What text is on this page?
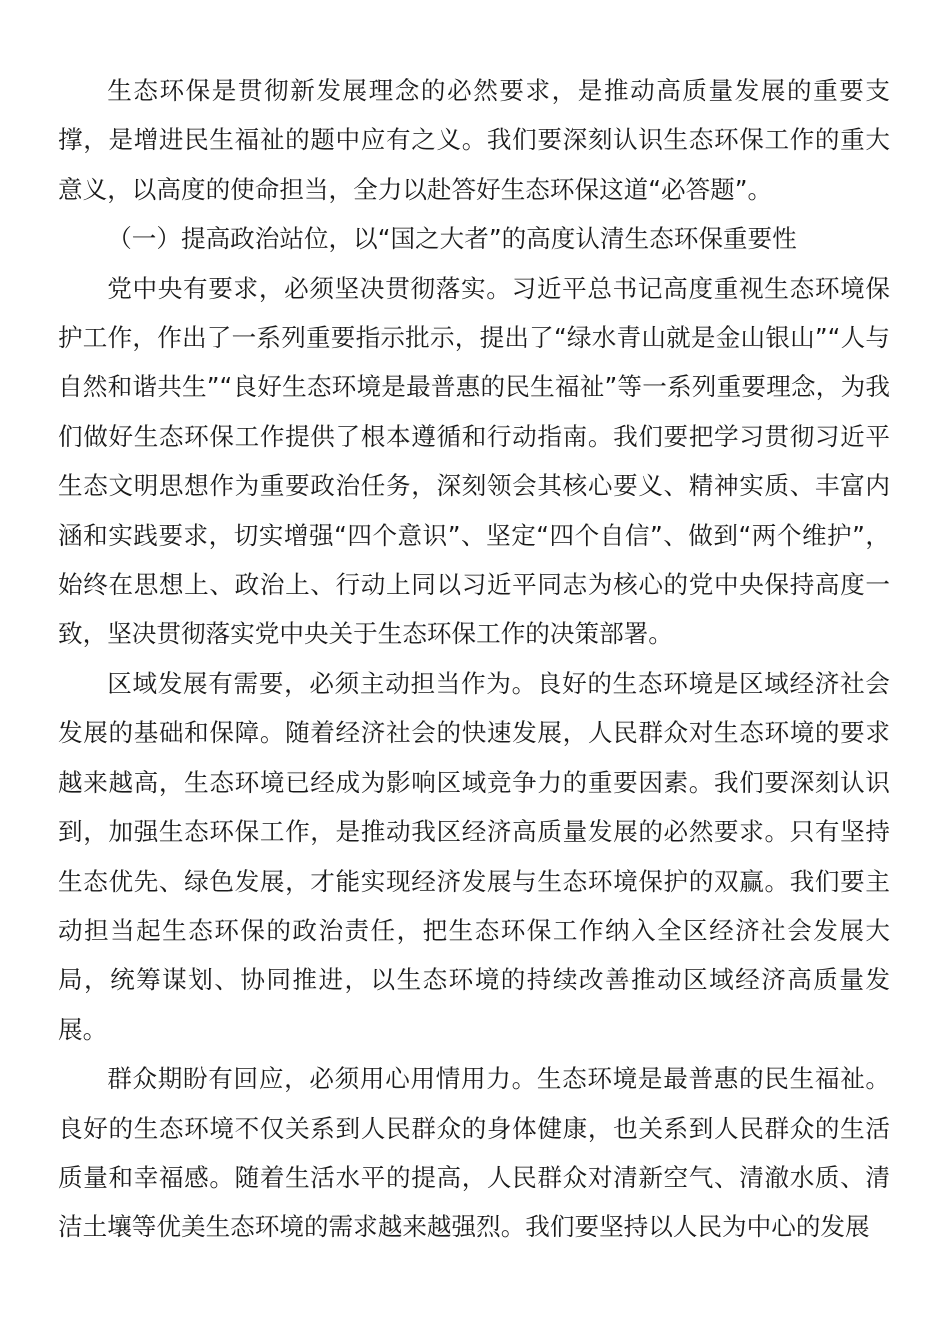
生态环保是贯彻新发展理念的必然要求，是推动高质量发展的重要支撑，是增进民生福祉的题中应有之义。我们要深刻认识生态环保工作的重大意义，以高度的使命担当，全力以赴答好生态环保这道“必答题”。

（一）提高政治站位，以“国之大者”的高度认清生态环保重要性

党中央有要求，必须坚决贯彻落实。习近平总书记高度重视生态环境保护工作，作出了一系列重要指示批示，提出了“绿水青山就是金山银山”“人与自然和谐共生”“良好生态环境是最普惠的民生福祉”等一系列重要理念，为我们做好生态环保工作提供了根本遵循和行动指南。我们要把学习贯彻习近平生态文明思想作为重要政治任务，深刻领会其核心要义、精神实质、丰富内涵和实践要求，切实增强“四个意识”、坚定“四个自信”、做到“两个维护”，始终在思想上、政治上、行动上同以习近平同志为核心的党中央保持高度一致，坚决贯彻落实党中央关于生态环保工作的决策部署。

区域发展有需要，必须主动担当作为。良好的生态环境是区域经济社会发展的基础和保障。随着经济社会的快速发展，人民群众对生态环境的要求越来越高，生态环境已经成为影响区域竞争力的重要因素。我们要深刻认识到，加强生态环保工作，是推动我区经济高质量发展的必然要求。只有坚持生态优先、绿色发展，才能实现经济发展与生态环境保护的双赢。我们要主动担当起生态环保的政治责任，把生态环保工作纳入全区经济社会发展大局，统筹谋划、协同推进，以生态环境的持续改善推动区域经济高质量发展。

群众期盼有回应，必须用心用情用力。生态环境是最普惠的民生福祉。良好的生态环境不仅关系到人民群众的身体健康，也关系到人民群众的生活质量和幸福感。随着生活水平的提高，人民群众对清新空气、清澈水质、清洁土壤等优美生态环境的需求越来越强烈。我们要坚持以人民为中心的发展
